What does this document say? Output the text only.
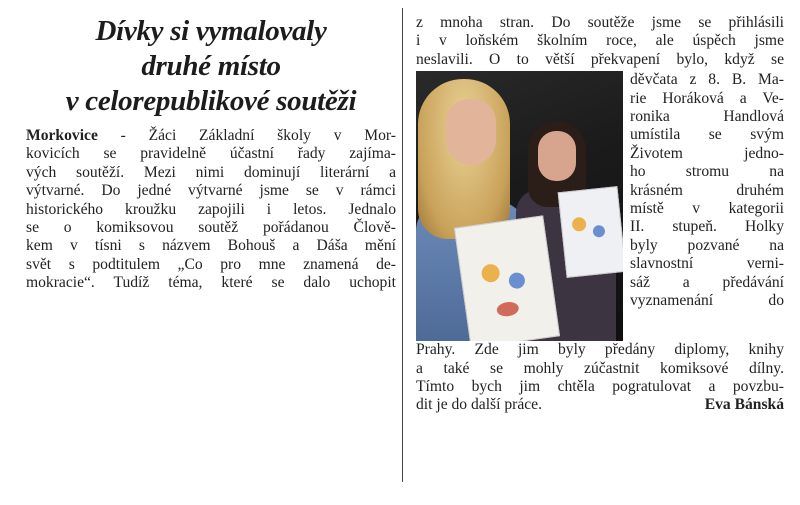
Dívky si vymalovaly
druhé místo
v celorepublikové soutěži
Morkovice - Žáci Základní školy v Mor-
kovicích se pravidelně účastní řady zajíma-
vých soutěží. Mezi nimi dominují literární a
výtvarné. Do jedné výtvarné jsme se v rámci
historického kroužku zapojili i letos. Jednalo
se o komiksovou soutěž pořádanou Člově-
kem v tísni s názvem Bohouš a Dáša mění
svět s podtitulem „Co pro mne znamená de-
mokracie“. Tudíž téma, které se dalo uchopit
z mnoha stran. Do soutěže jsme se přihlásili
i v loňském školním roce, ale úspěch jsme
neslavili. O to větší překvapení bylo, když se
děvčata z 8. B. Ma-
rie Horáková a Ve-
ronika Handlová
umístila se svým
Životem jedno-
ho stromu na
krásném druhém
místě v kategorii
II. stupeň. Holky
byly pozvané na
slavnostní verni-
sáž a předávání
vyznamenání do
Prahy. Zde jim byly předány diplomy, knihy
a také se mohly zúčastnit komiksové dílny.
Tímto bych jim chtěla pogratulovat a povzbu-
dit je do další práce.	Eva Bánská
